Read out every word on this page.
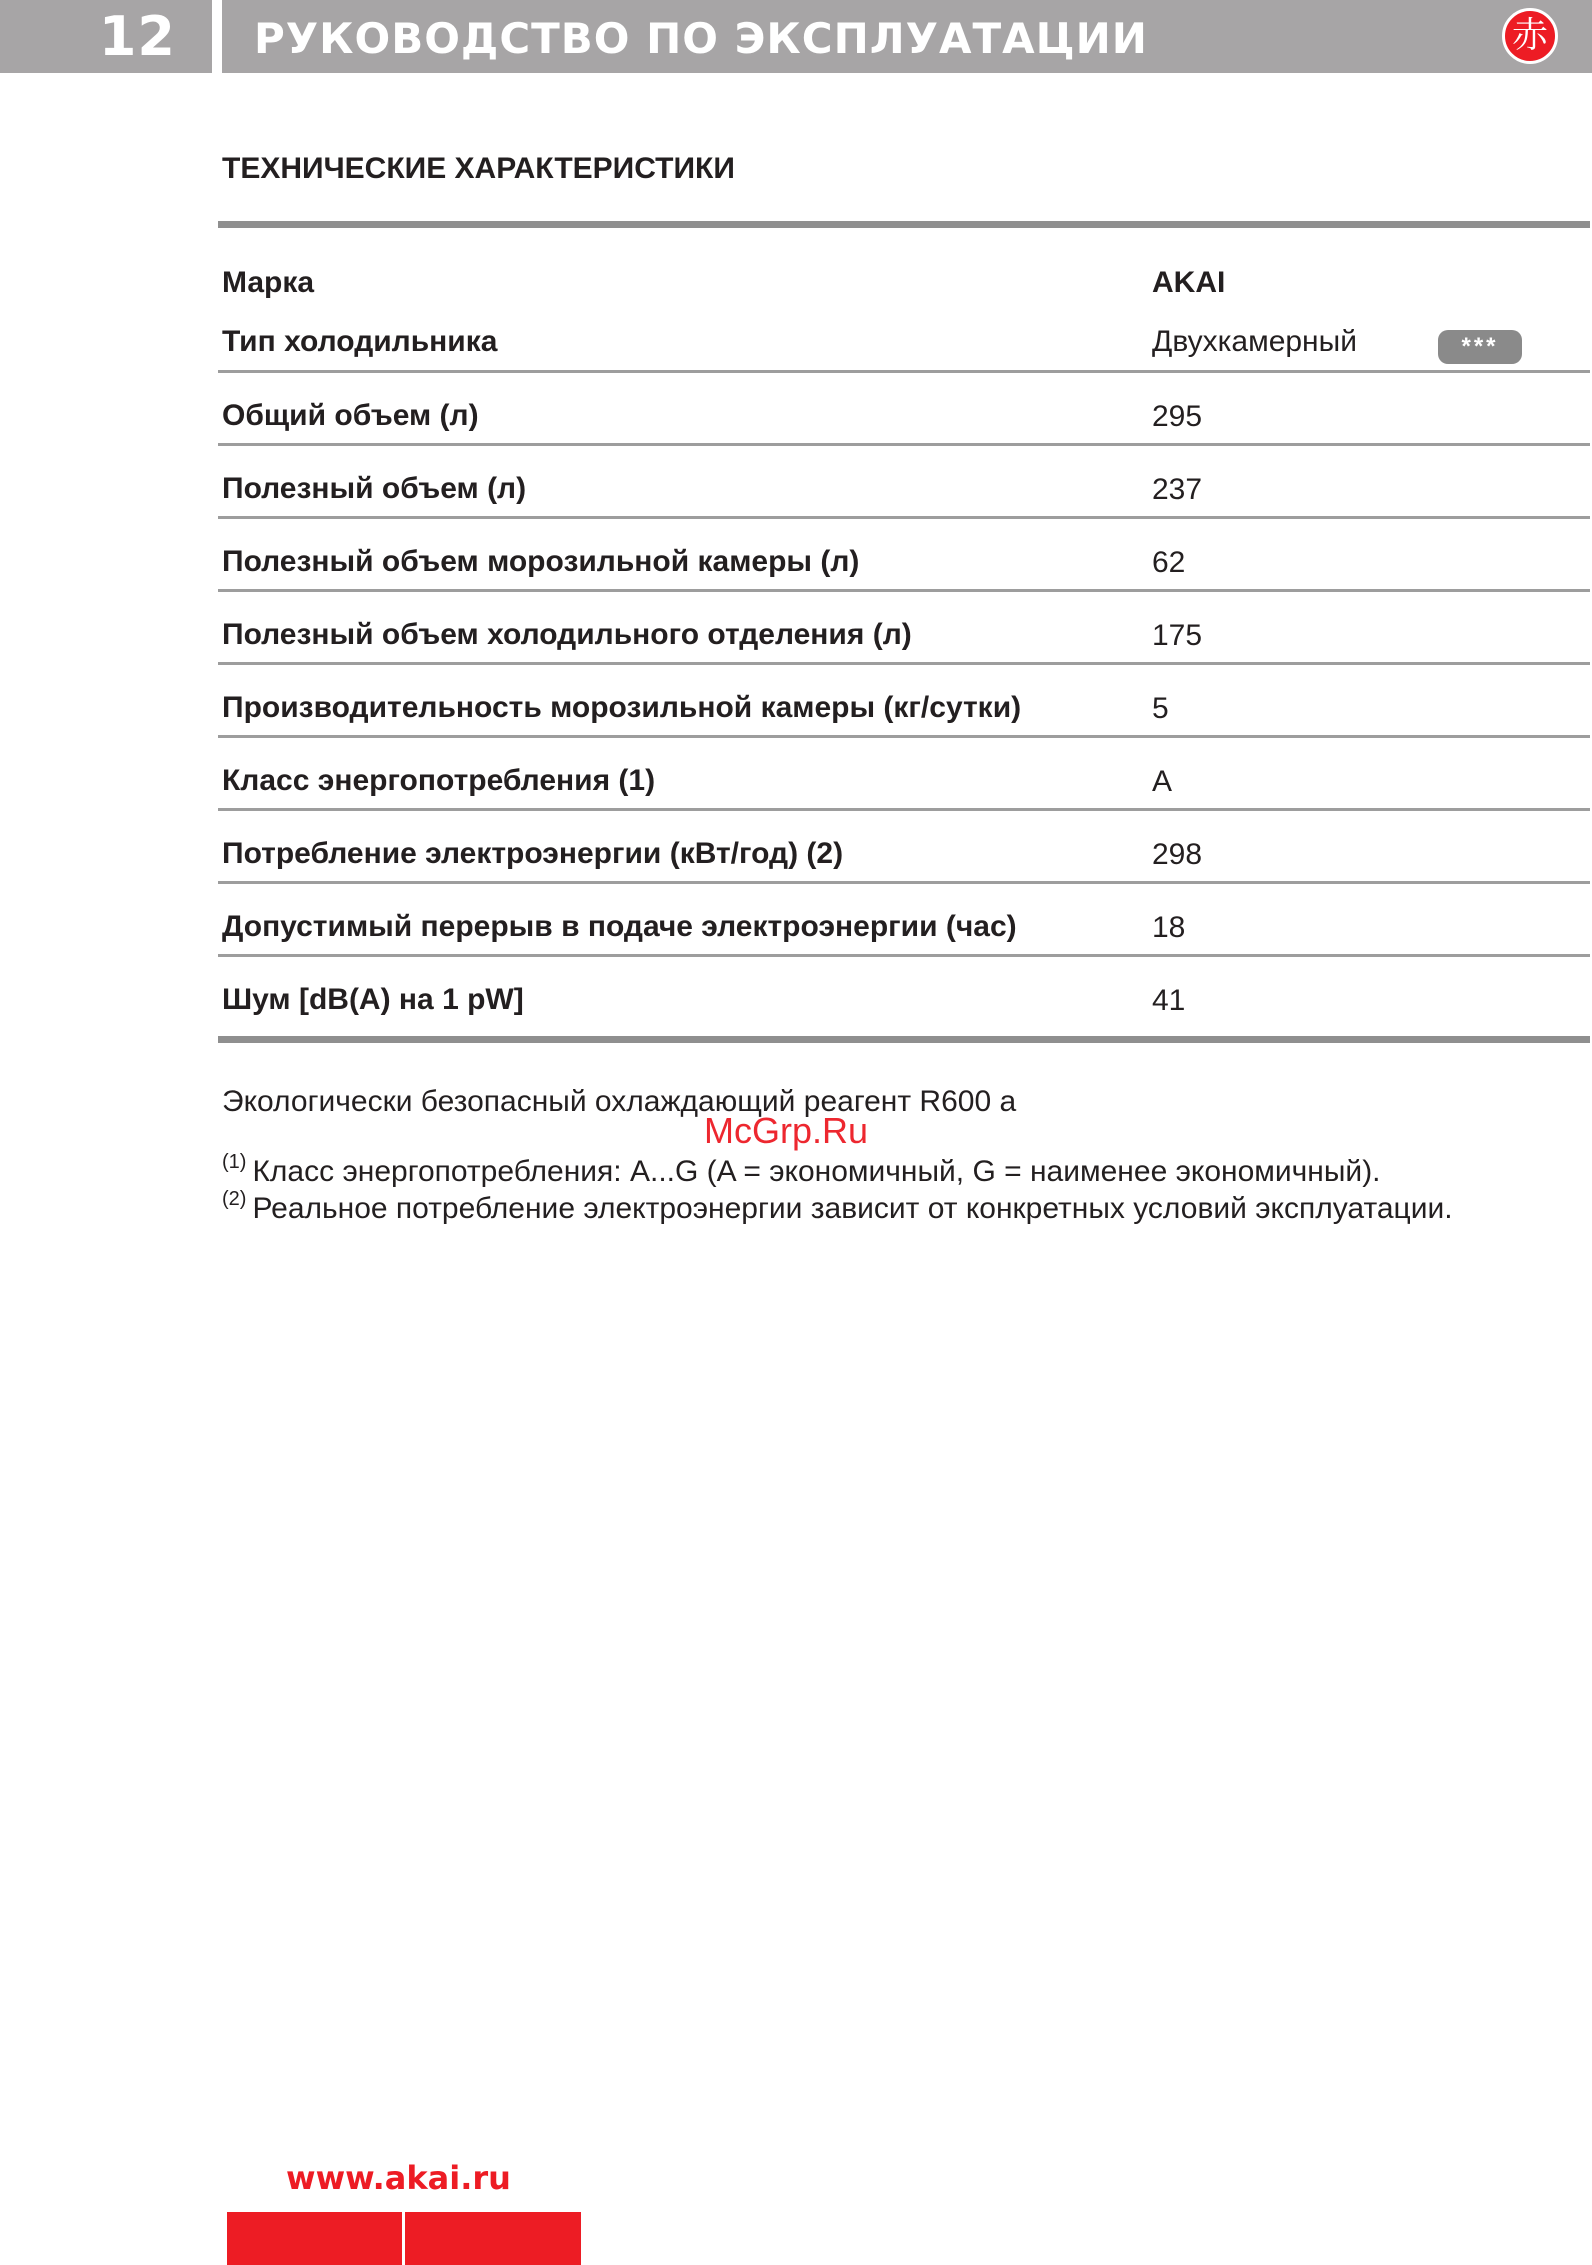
12 РУКОВОДСТВО ПО ЭКСПЛУАТАЦИИ	赤
ТЕХНИЧЕСКИЕ ХАРАКТЕРИСТИКИ
Марка	AKAI
Тип холодильника	Двухкамерный	***
Общий объем (л)	295
Полезный объем (л)	237
Полезный объем морозильной камеры (л)	62
Полезный объем холодильного отделения (л)	175
Производительность морозильной камеры (кг/сутки)	5
Класс энергопотребления (1)	A
Потребление электроэнергии (кВт/год) (2)	298
Допустимый перерыв в подаче электроэнергии (час)	18
Шум [dB(A) на 1 pW]	41
Экологически безопасный охлаждающий реагент R600 а
McGrp.Ru
$^{(1)}$ Класс энергопотребления: A...G (A = экономичный, G = наименее экономичный).
$^{(2)}$ Реальное потребление электроэнергии зависит от конкретных условий эксплуатации.
www.akai.ru
